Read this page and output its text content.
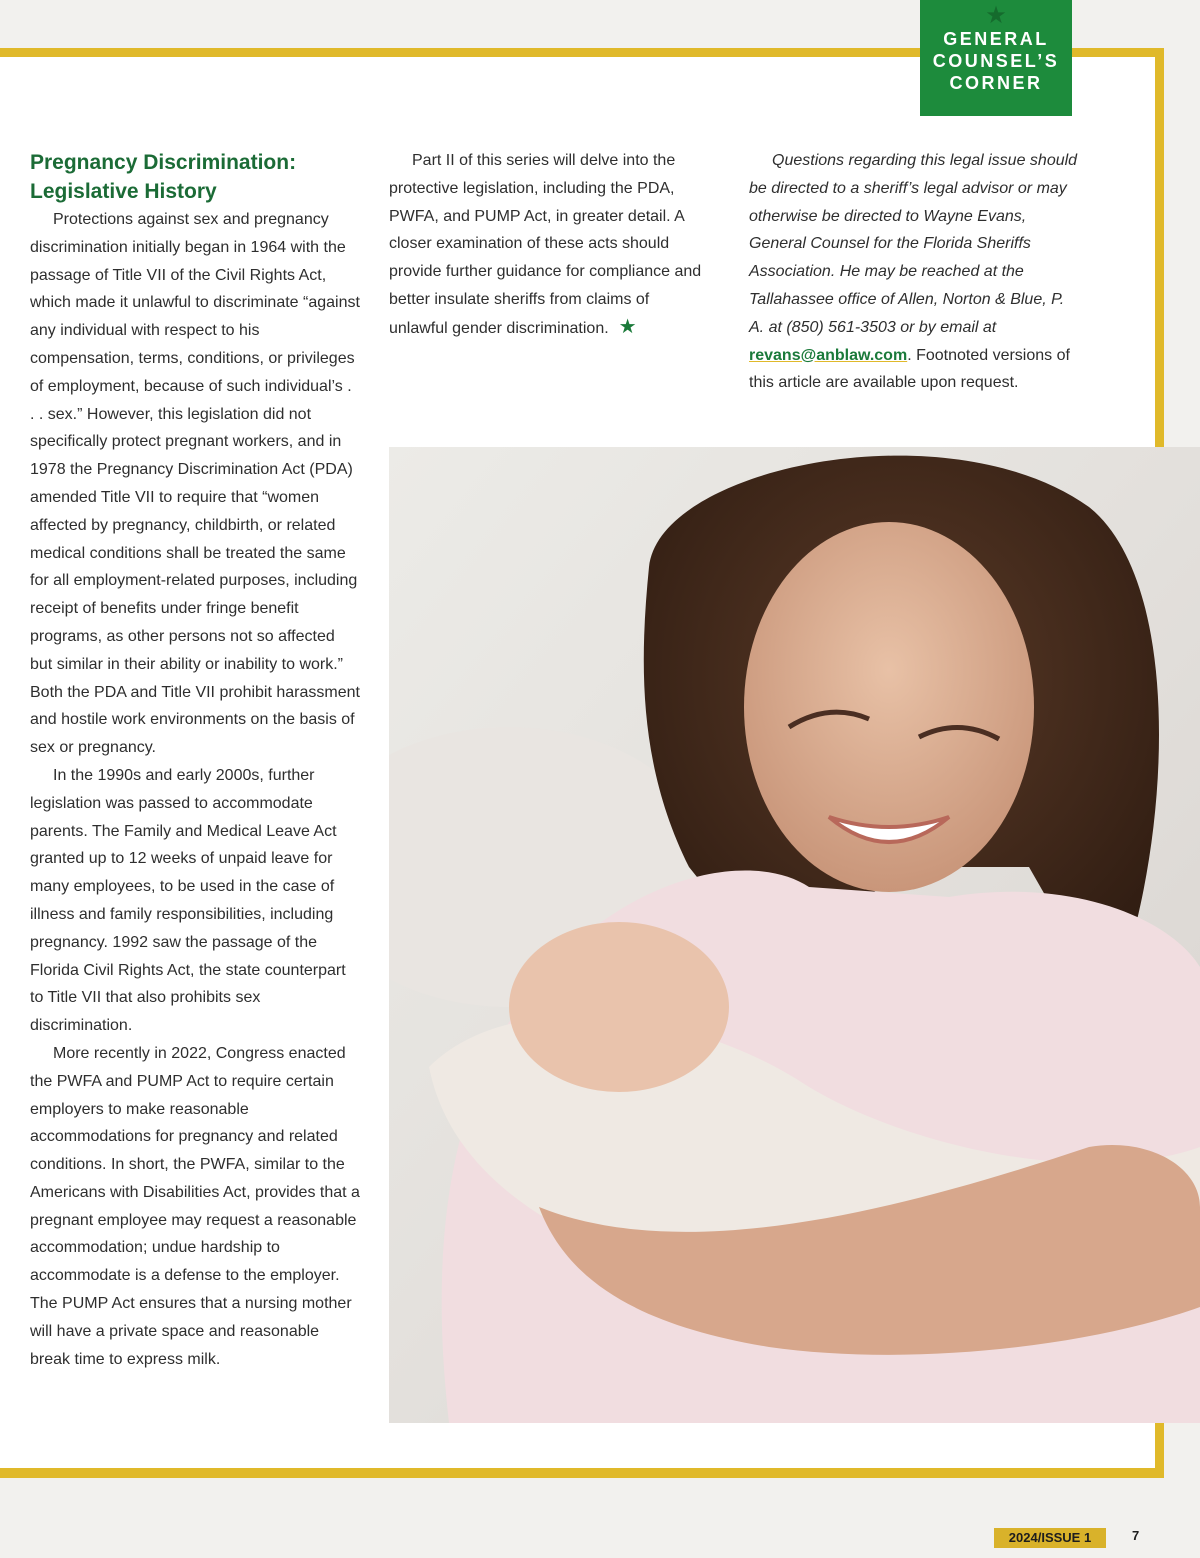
★
GENERAL
COUNSEL’S
CORNER
Pregnancy Discrimination:
Legislative History

Protections against sex and pregnancy discrimination initially began in 1964 with the passage of Title VII of the Civil Rights Act, which made it unlawful to discriminate “against any individual with respect to his compensation, terms, conditions, or privileges of employment, because of such individual’s . . . sex.” However, this legislation did not specifically protect pregnant workers, and in 1978 the Pregnancy Discrimination Act (PDA) amended Title VII to require that “women affected by pregnancy, childbirth, or related medical conditions shall be treated the same for all employment-related purposes, including receipt of benefits under fringe benefit programs, as other persons not so affected but similar in their ability or inability to work.” Both the PDA and Title VII prohibit harassment and hostile work environments on the basis of sex or pregnancy.

In the 1990s and early 2000s, further legislation was passed to accommodate parents. The Family and Medical Leave Act granted up to 12 weeks of unpaid leave for many employees, to be used in the case of illness and family responsibilities, including pregnancy. 1992 saw the passage of the Florida Civil Rights Act, the state counterpart to Title VII that also prohibits sex discrimination.

More recently in 2022, Congress enacted the PWFA and PUMP Act to require certain employers to make reasonable accommodations for pregnancy and related conditions. In short, the PWFA, similar to the Americans with Disabilities Act, provides that a pregnant employee may request a reasonable accommodation; undue hardship to accommodate is a defense to the employer. The PUMP Act ensures that a nursing mother will have a private space and reasonable break time to express milk.

Part II of this series will delve into the protective legislation, including the PDA, PWFA, and PUMP Act, in greater detail. A closer examination of these acts should provide further guidance for compliance and better insulate sheriffs from claims of unlawful gender discrimination. ★

Questions regarding this legal issue should be directed to a sheriff’s legal advisor or may otherwise be directed to Wayne Evans, General Counsel for the Florida Sheriffs Association. He may be reached at the Tallahassee office of Allen, Norton & Blue, P. A. at (850) 561-3503 or by email at revans@anblaw.com. Footnoted versions of this article are available upon request.

2024/ISSUE 1	7
